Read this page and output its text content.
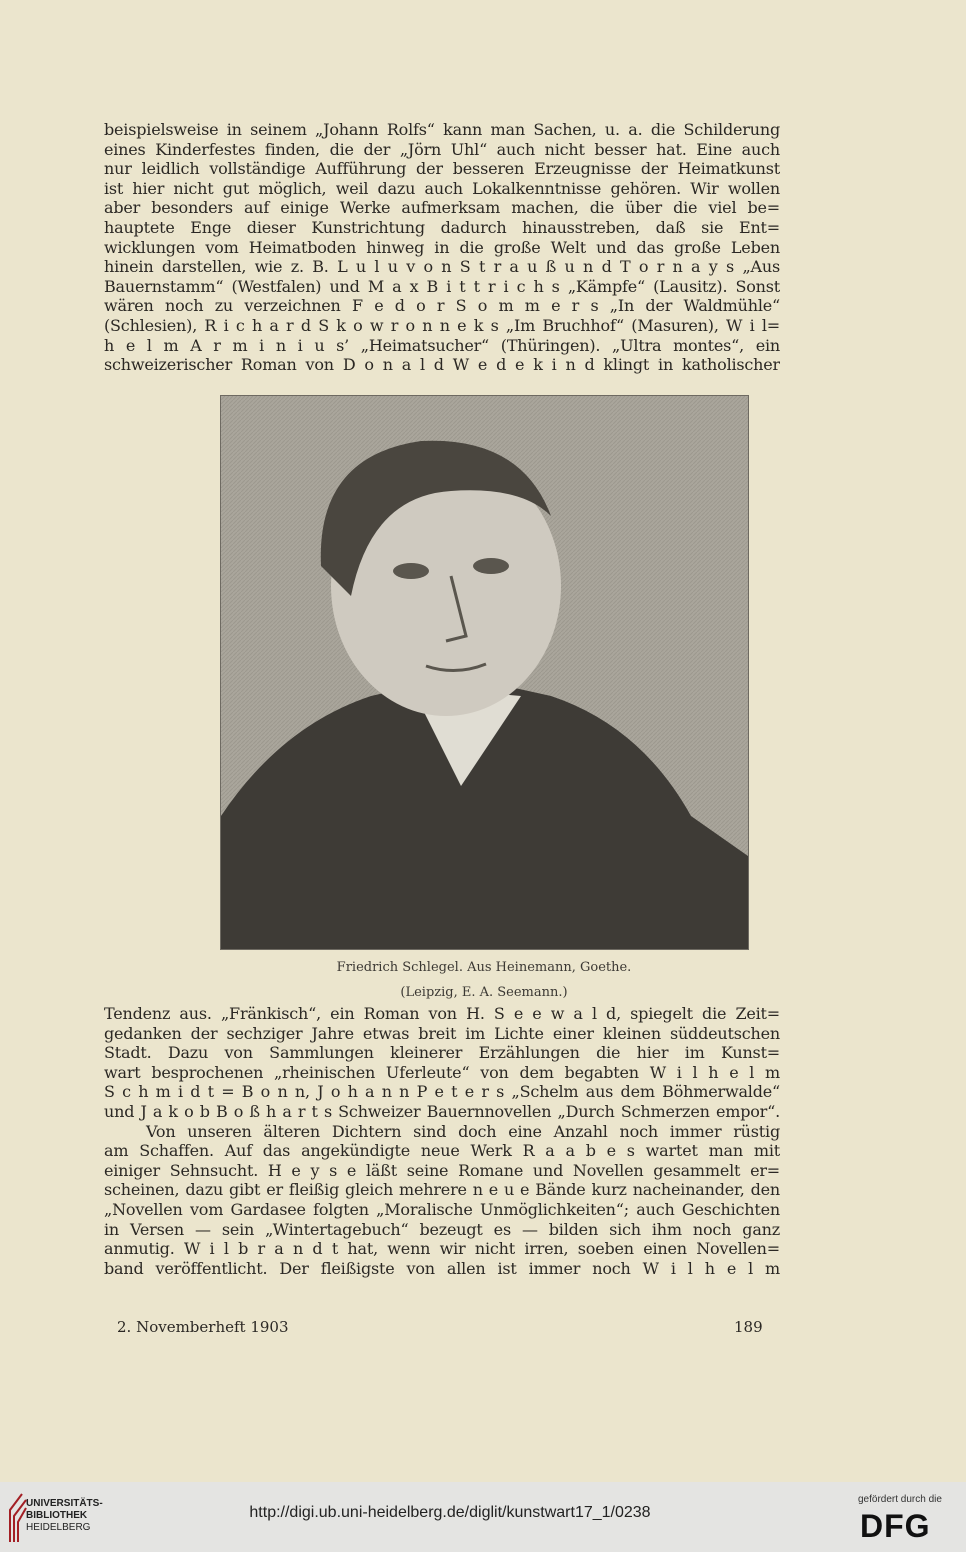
beispielsweise in seinem „Johann Rolfs“ kann man Sachen, u. a. die Schilderung
eines Kinderfestes finden, die der „Jörn Uhl“ auch nicht besser hat. Eine auch
nur leidlich vollständige Aufführung der besseren Erzeugnisse der Heimatkunst
ist hier nicht gut möglich, weil dazu auch Lokalkenntnisse gehören. Wir wollen
aber besonders auf einige Werke aufmerksam machen, die über die viel be=
hauptete Enge dieser Kunstrichtung dadurch hinausstreben, daß sie Ent=
wicklungen vom Heimatboden hinweg in die große Welt und das große Leben
hinein darstellen, wie z. B. L u l u v o n S t r a u ß u n d T o r n a y s „Aus
Bauernstamm“ (Westfalen) und M a x B i t t r i c h s „Kämpfe“ (Lausitz). Sonst
wären noch zu verzeichnen F e d o r S o m m e r s „In der Waldmühle“
(Schlesien), R i c h a r d S k o w r o n n e k s „Im Bruchhof“ (Masuren), W i l=
h e l m A r m i n i u s’ „Heimatsucher“ (Thüringen). „Ultra montes“, ein
schweizerischer Roman von D o n a l d W e d e k i n d klingt in katholischer
Friedrich Schlegel. Aus Heinemann, Goethe.
(Leipzig, E. A. Seemann.)
Tendenz aus. „Fränkisch“, ein Roman von H. S e e w a l d, spiegelt die Zeit=
gedanken der sechziger Jahre etwas breit im Lichte einer kleinen süddeutschen
Stadt. Dazu von Sammlungen kleinerer Erzählungen die hier im Kunst=
wart besprochenen „rheinischen Uferleute“ von dem begabten W i l h e l m
S c h m i d t = B o n n, J o h a n n P e t e r s „Schelm aus dem Böhmerwalde“
und J a k o b B o ß h a r t s Schweizer Bauernnovellen „Durch Schmerzen empor“.
Von unseren älteren Dichtern sind doch eine Anzahl noch immer rüstig
am Schaffen. Auf das angekündigte neue Werk R a a b e s wartet man mit
einiger Sehnsucht. H e y s e läßt seine Romane und Novellen gesammelt er=
scheinen, dazu gibt er fleißig gleich mehrere n e u e Bände kurz nacheinander, den
„Novellen vom Gardasee folgten „Moralische Unmöglichkeiten“; auch Geschichten
in Versen — sein „Wintertagebuch“ bezeugt es — bilden sich ihm noch ganz
anmutig. W i l b r a n d t hat, wenn wir nicht irren, soeben einen Novellen=
band veröffentlicht. Der fleißigste von allen ist immer noch W i l h e l m
2. Novemberheft 1903	189
UNIVERSITÄTS-
BIBLIOTHEK
HEIDELBERG
http://digi.ub.uni-heidelberg.de/diglit/kunstwart17_1/0238
gefördert durch die
DFG
